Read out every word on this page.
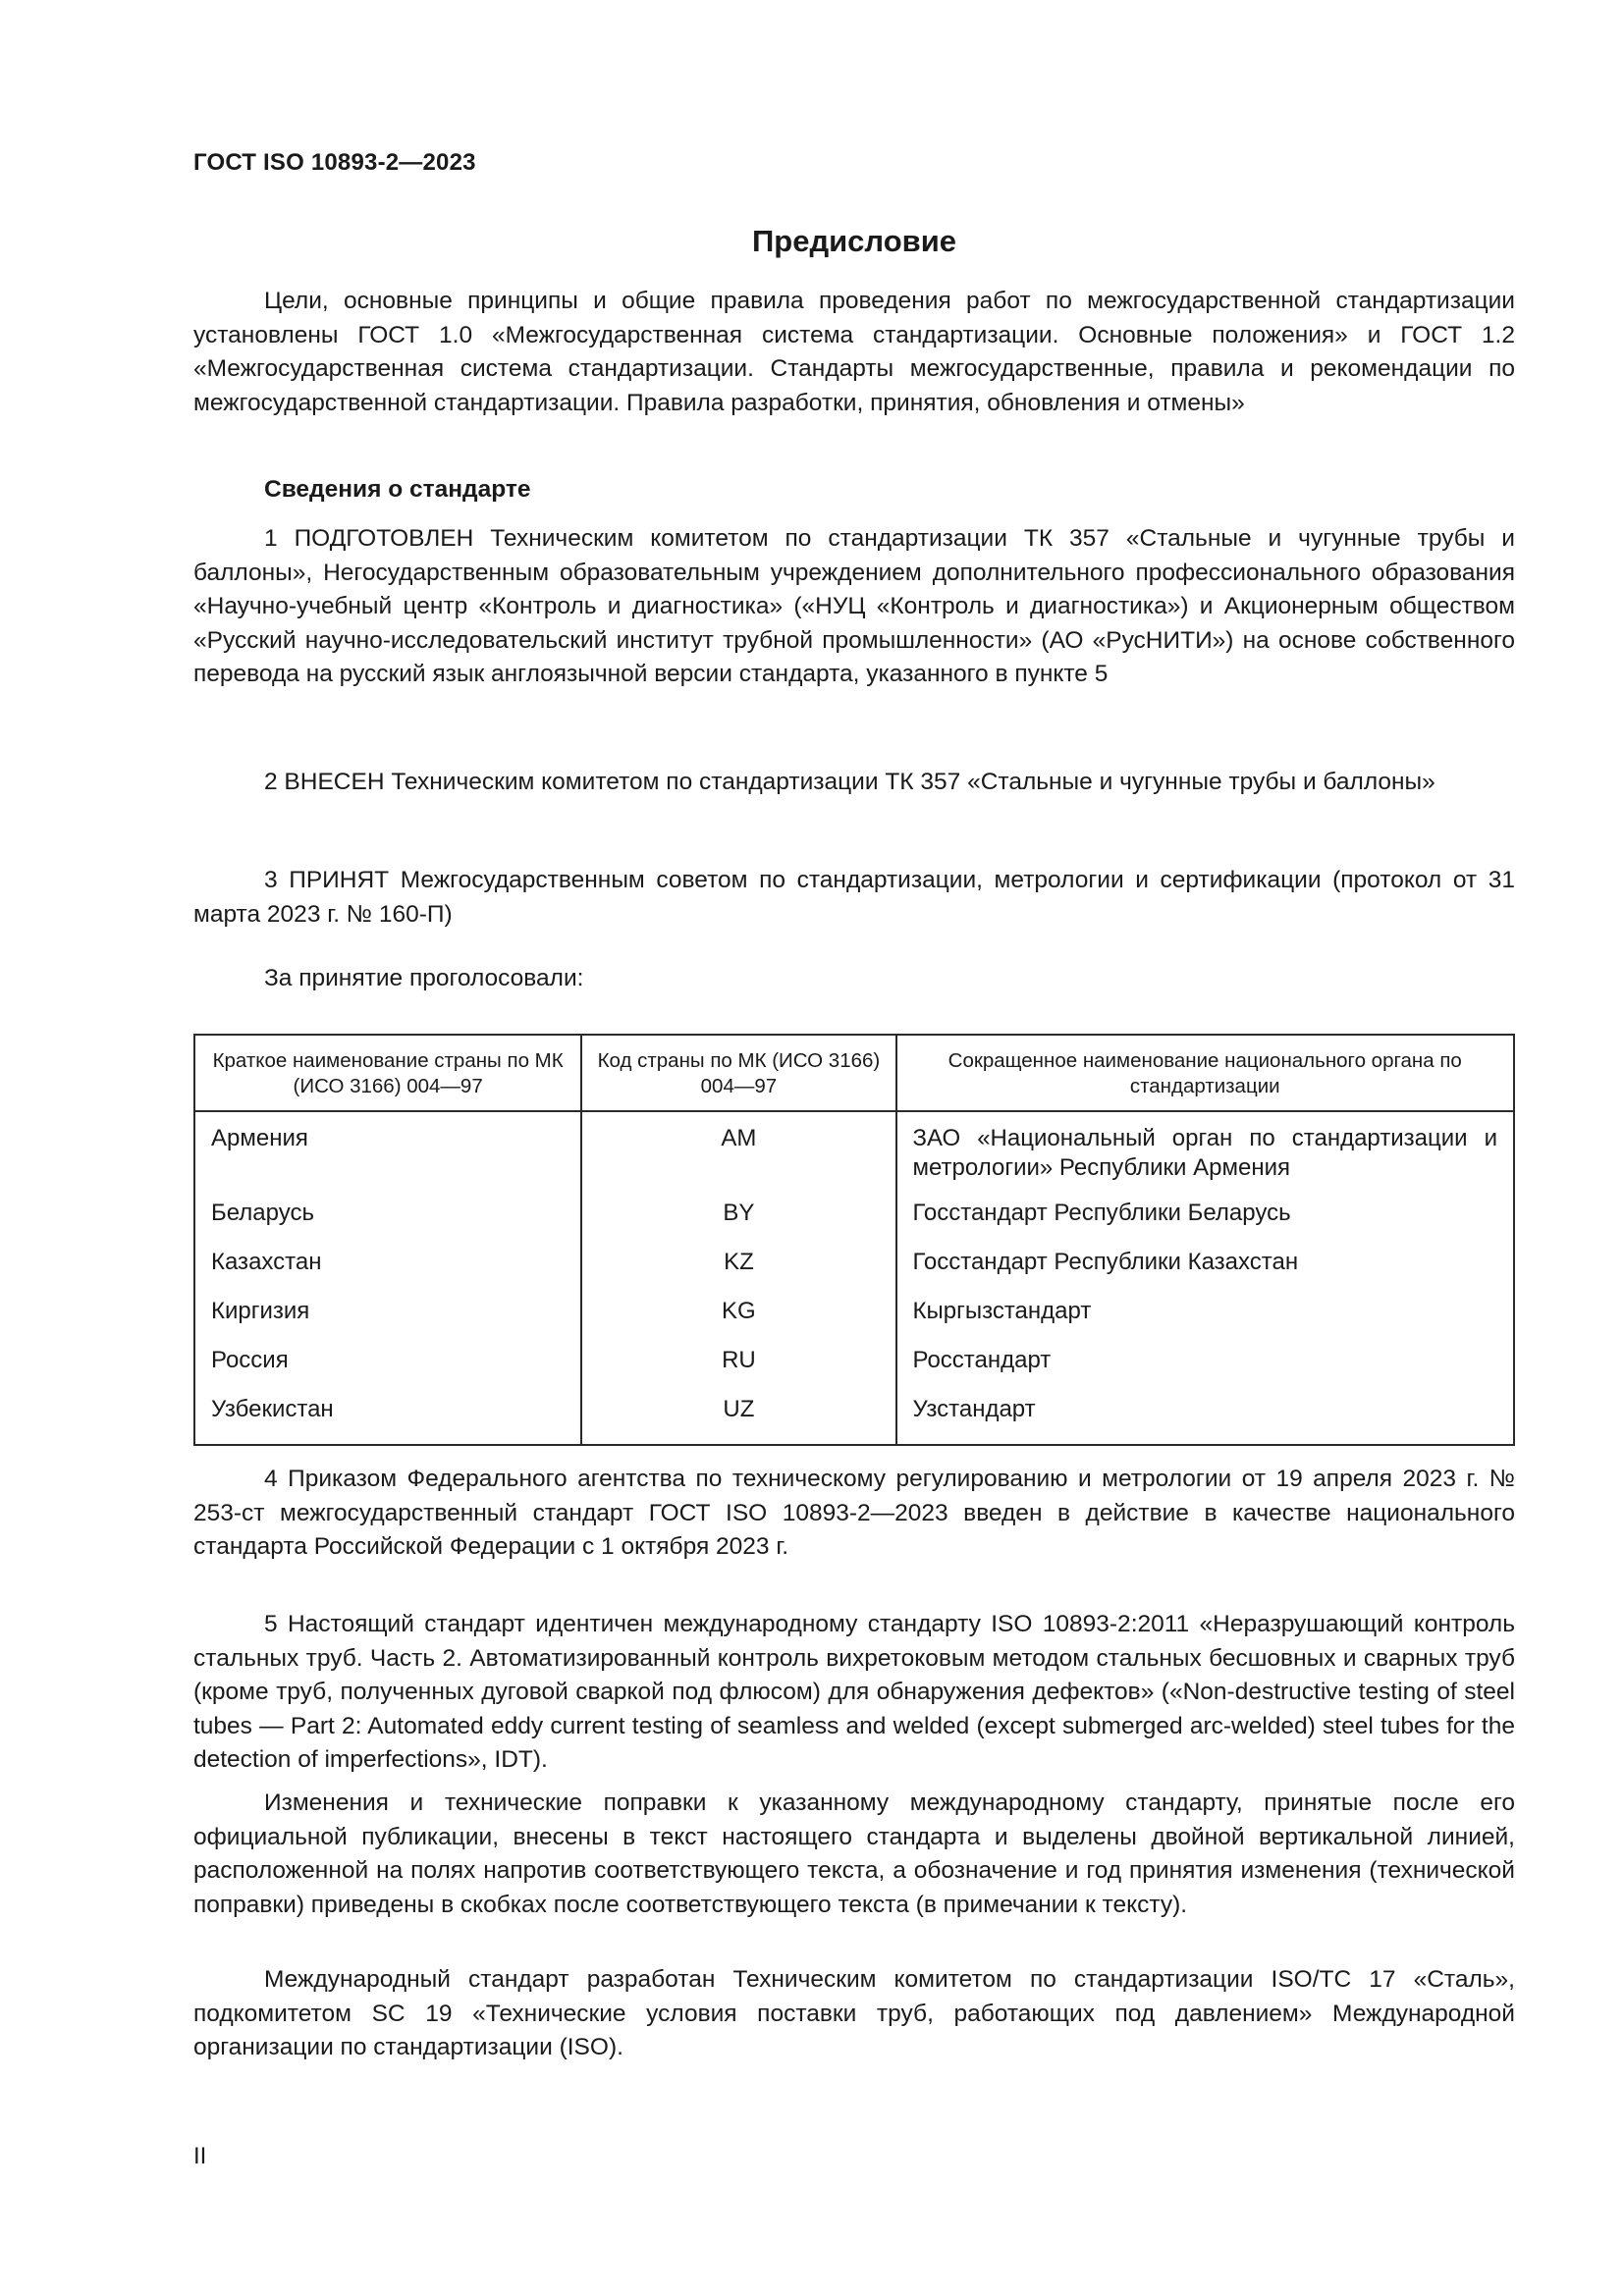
ГОСТ ISO 10893-2—2023
Предисловие

Цели, основные принципы и общие правила проведения работ по межгосударственной стандартизации установлены ГОСТ 1.0 «Межгосударственная система стандартизации. Основные положения» и ГОСТ 1.2 «Межгосударственная система стандартизации. Стандарты межгосударственные, правила и рекомендации по межгосударственной стандартизации. Правила разработки, принятия, обновления и отмены»

Сведения о стандарте

1 ПОДГОТОВЛЕН Техническим комитетом по стандартизации ТК 357 «Стальные и чугунные трубы и баллоны», Негосударственным образовательным учреждением дополнительного профессионального образования «Научно-учебный центр «Контроль и диагностика» («НУЦ «Контроль и диагностика») и Акционерным обществом «Русский научно-исследовательский институт трубной промышленности» (АО «РусНИТИ») на основе собственного перевода на русский язык англоязычной версии стандарта, указанного в пункте 5

2 ВНЕСЕН Техническим комитетом по стандартизации ТК 357 «Стальные и чугунные трубы и баллоны»

3 ПРИНЯТ Межгосударственным советом по стандартизации, метрологии и сертификации (протокол от 31 марта 2023 г. № 160-П)

За принятие проголосовали:

Краткое наименование страны по МК (ИСО 3166) 004—97	Код страны по МК (ИСО 3166) 004—97	Сокращенное наименование национального органа по стандартизации
Армения	AM	ЗАО «Национальный орган по стандартизации и метрологии» Республики Армения
Беларусь	BY	Госстандарт Республики Беларусь
Казахстан	KZ	Госстандарт Республики Казахстан
Киргизия	KG	Кыргызстандарт
Россия	RU	Росстандарт
Узбекистан	UZ	Узстандарт

4 Приказом Федерального агентства по техническому регулированию и метрологии от 19 апреля 2023 г. № 253-ст межгосударственный стандарт ГОСТ ISO 10893-2—2023 введен в действие в качестве национального стандарта Российской Федерации с 1 октября 2023 г.

5 Настоящий стандарт идентичен международному стандарту ISO 10893-2:2011 «Неразрушающий контроль стальных труб. Часть 2. Автоматизированный контроль вихретоковым методом стальных бесшовных и сварных труб (кроме труб, полученных дуговой сваркой под флюсом) для обнаружения дефектов» («Non-destructive testing of steel tubes — Part 2: Automated eddy current testing of seamless and welded (except submerged arc-welded) steel tubes for the detection of imperfections», IDT).

Изменения и технические поправки к указанному международному стандарту, принятые после его официальной публикации, внесены в текст настоящего стандарта и выделены двойной вертикальной линией, расположенной на полях напротив соответствующего текста, а обозначение и год принятия изменения (технической поправки) приведены в скобках после соответствующего текста (в примечании к тексту).

Международный стандарт разработан Техническим комитетом по стандартизации ISO/TC 17 «Сталь», подкомитетом SC 19 «Технические условия поставки труб, работающих под давлением» Международной организации по стандартизации (ISO).

II
